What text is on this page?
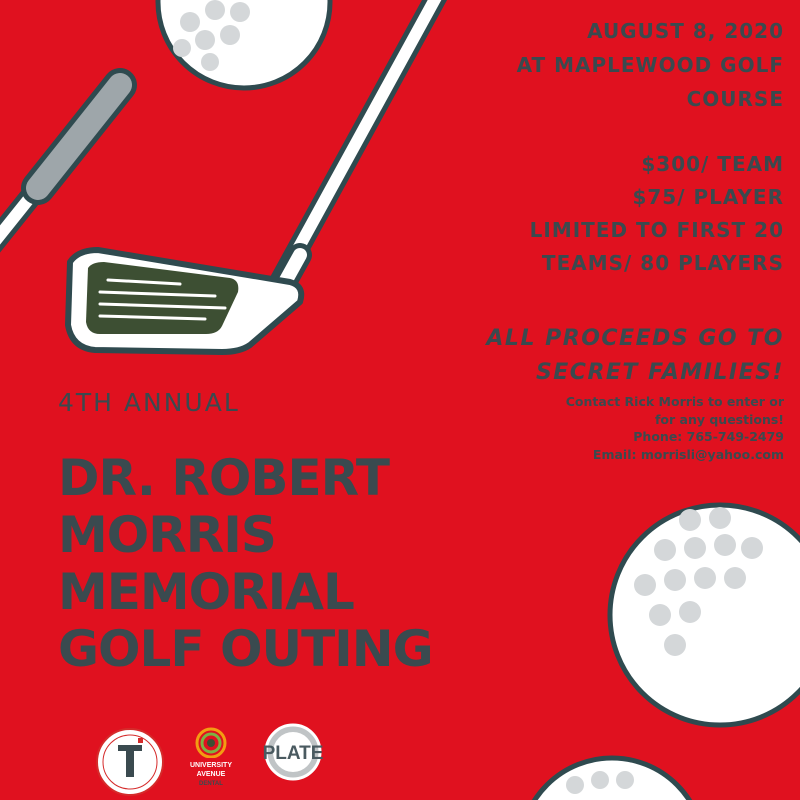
UNIVERSITY
AVENUE
DENTAL
PLATE
AUGUST 8, 2020
AT MAPLEWOOD GOLF
COURSE
$300/ TEAM
$75/ PLAYER
LIMITED TO FIRST 20
TEAMS/ 80 PLAYERS
ALL PROCEEDS GO TO
SECRET FAMILIES!
Contact Rick Morris to enter or
for any questions!
Phone: 765-749-2479
Email: morrisli@yahoo.com
4TH ANNUAL
DR. ROBERT
MORRIS
MEMORIAL
GOLF OUTING
